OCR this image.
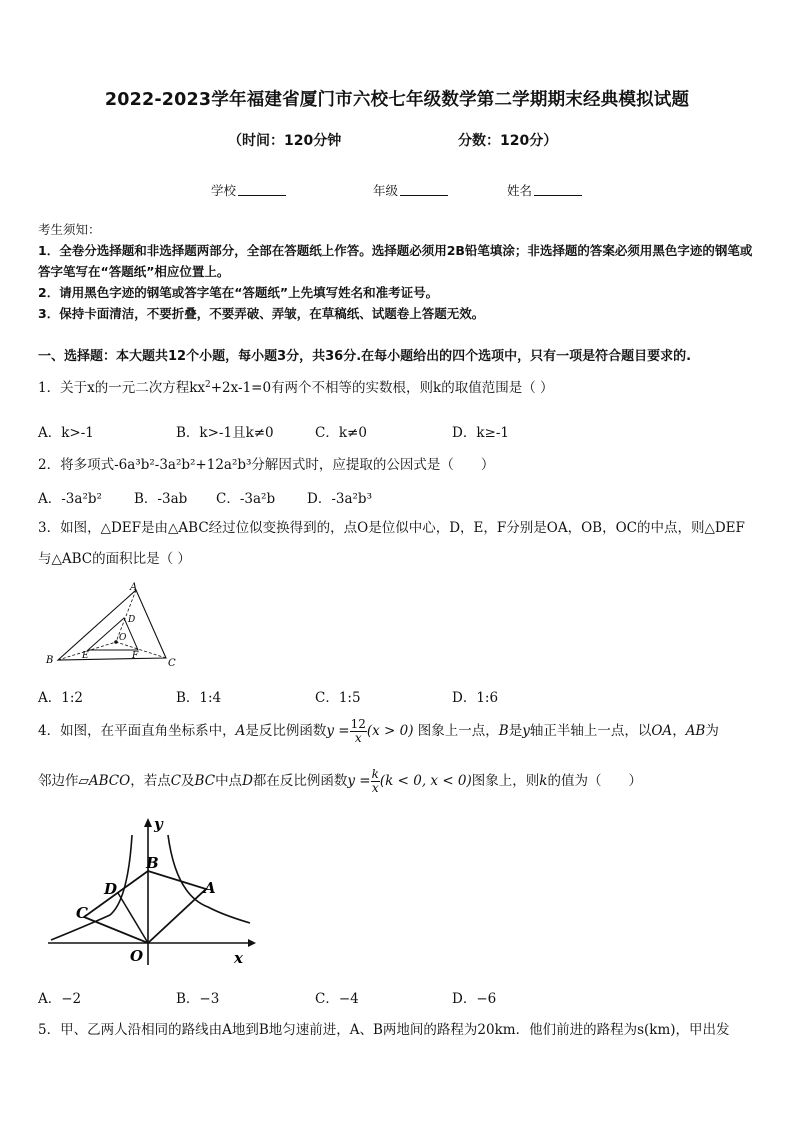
2022-2023学年福建省厦门市六校七年级数学第二学期期末经典模拟试题
（时间：120分钟	分数：120分）
学校	年级	姓名
考生须知：
1．全卷分选择题和非选择题两部分，全部在答题纸上作答。选择题必须用2B铅笔填涂；非选择题的答案必须用黑色字迹的钢笔或答字笔写在“答题纸”相应位置上。
2．请用黑色字迹的钢笔或答字笔在“答题纸”上先填写姓名和准考证号。
3．保持卡面清洁，不要折叠，不要弄破、弄皱，在草稿纸、试题卷上答题无效。
一、选择题：本大题共12个小题，每小题3分，共36分.在每小题给出的四个选项中，只有一项是符合题目要求的.
1．关于x的一元二次方程$kx^2+2x-1=0$有两个不相等的实数根，则k的取值范围是（ ）
A．k>-1	B．k>-1且k≠0	C．k≠0	D．k≥-1
2．将多项式-6a³b²-3a²b²+12a²b³分解因式时，应提取的公因式是（　　）
A．-3a²b² B．-3ab C．-3a²b D．-3a²b³
3．如图，△DEF是由△ABC经过位似变换得到的，点O是位似中心，D，E，F分别是OA，OB，OC的中点，则△DEF
与△ABC的面积比是（ ）
A
B	C
D
E	F
O
A．1:2	B．1:4	C．1:5	D．1:6
4．如图，在平面直角坐标系中，A是反比例函数$y = \frac{12}{x} (x > 0)$ 图象上一点，B是y轴正半轴上一点，以OA，AB为
邻边作▱ABCO，若点C及BC中点D都在反比例函数$y = \frac{k}{x} (k < 0$, x < 0)图象上，则k的值为（　　）
y
x
B
A
D
C
O
A．−2	B．−3	C．−4	D．−6
5．甲、乙两人沿相同的路线由A地到B地匀速前进，A、B两地间的路程为20km．他们前进的路程为s(km)，甲出发
